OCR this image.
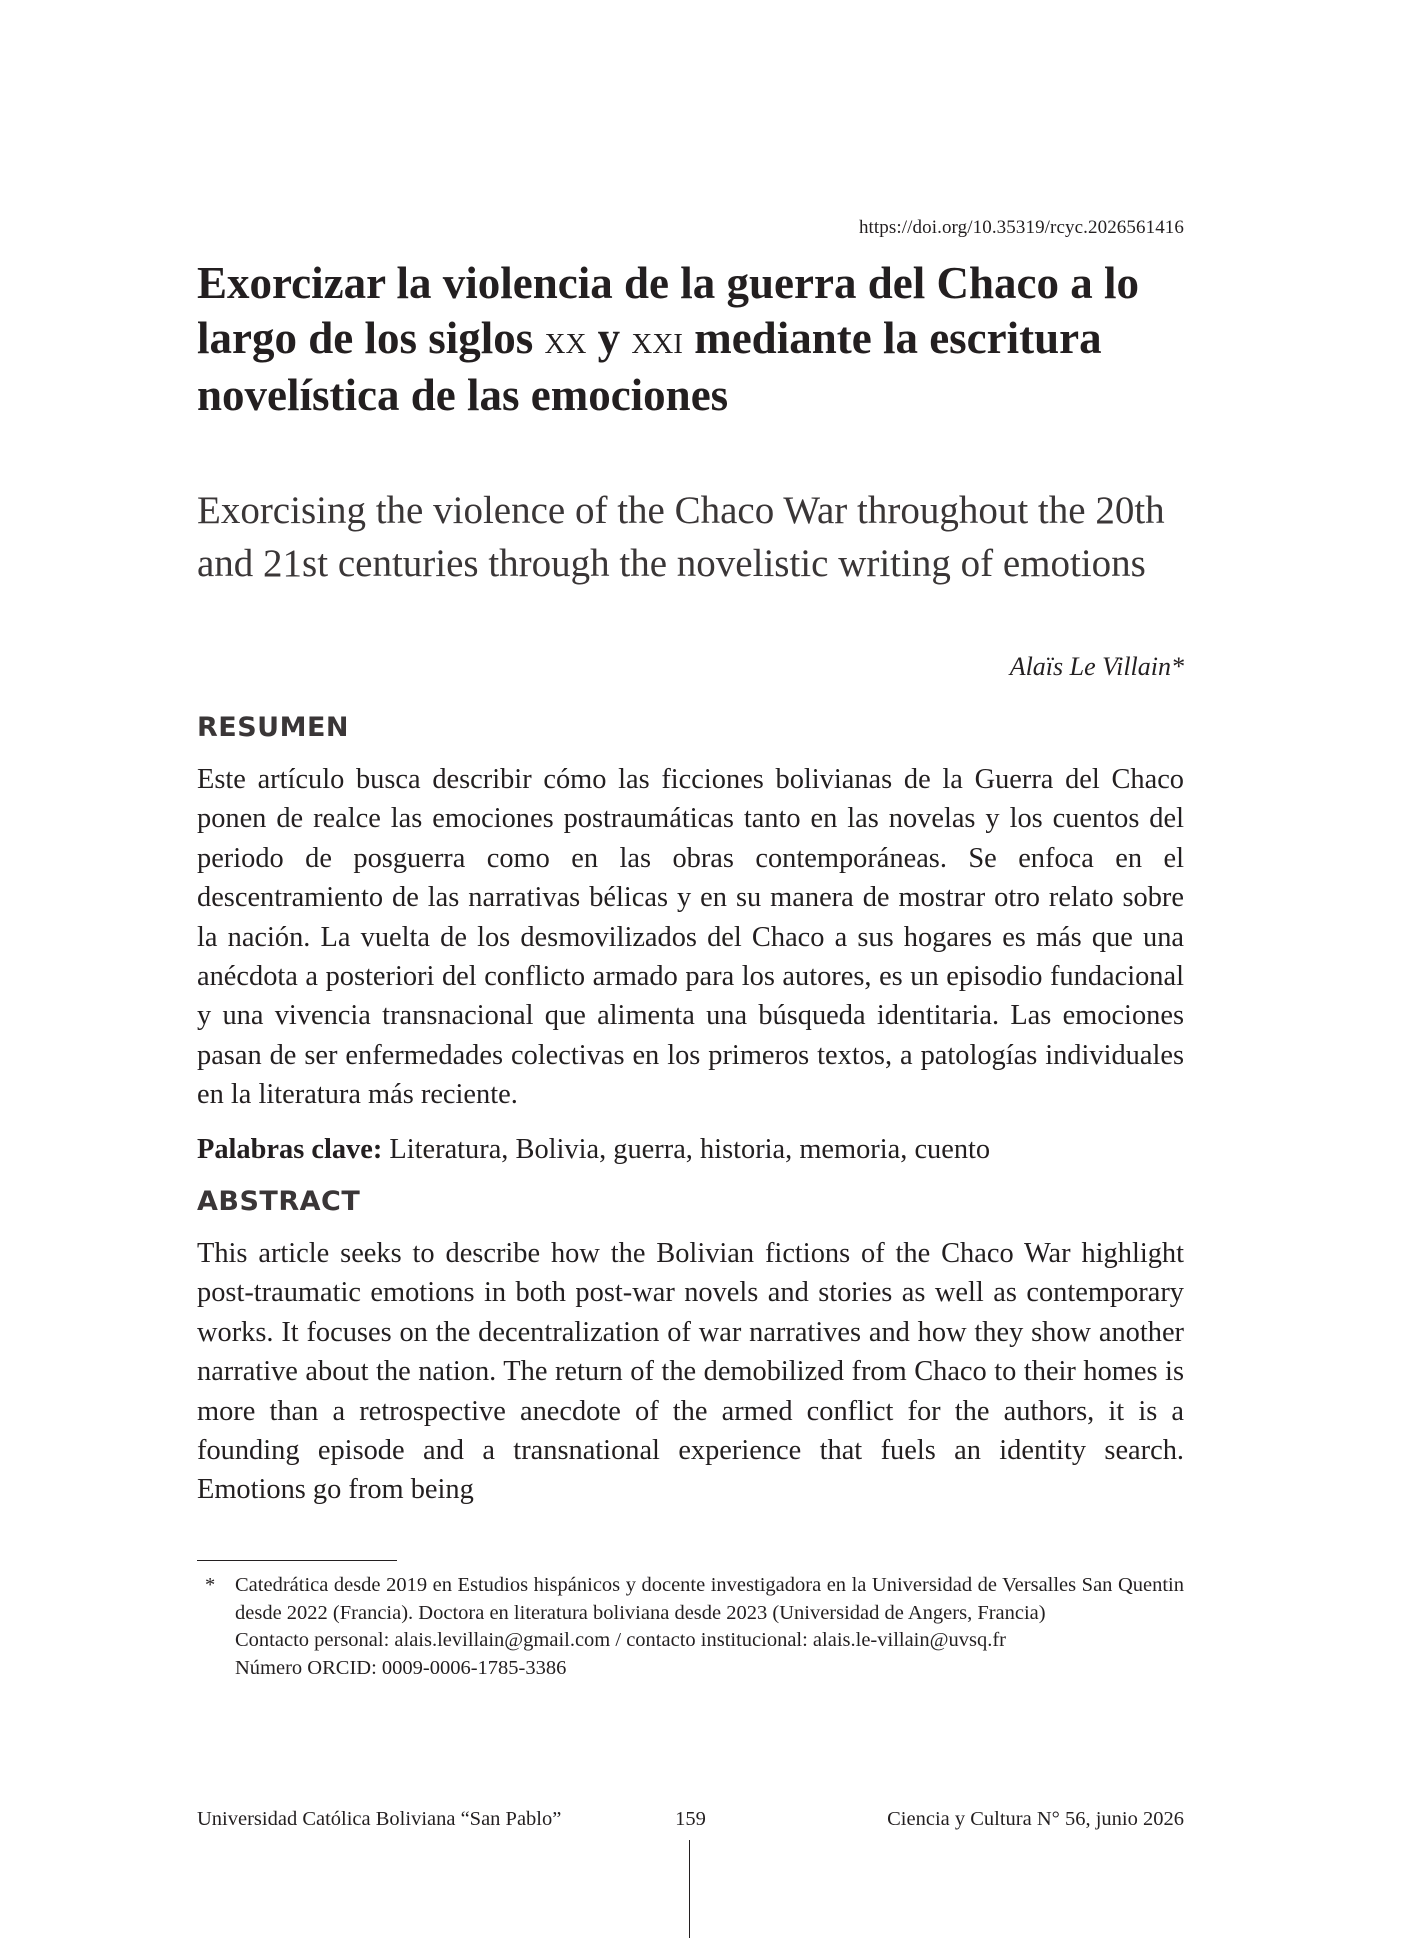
https://doi.org/10.35319/rcyc.2026561416
Exorcizar la violencia de la guerra del Chaco a lo largo de los siglos xx y xxi mediante la escritura novelística de las emociones
Exorcising the violence of the Chaco War throughout the 20th and 21st centuries through the novelistic writing of emotions
Alaïs Le Villain*
RESUMEN

Este artículo busca describir cómo las ficciones bolivianas de la Guerra del Chaco ponen de realce las emociones postraumáticas tanto en las novelas y los cuentos del periodo de posguerra como en las obras contemporáneas. Se enfoca en el descentramiento de las narrativas bélicas y en su manera de mostrar otro relato sobre la nación. La vuelta de los desmovilizados del Chaco a sus hogares es más que una anécdota a posteriori del conflicto armado para los autores, es un episodio fundacional y una vivencia transnacional que alimenta una búsqueda identitaria. Las emociones pasan de ser enfermedades colectivas en los primeros textos, a patologías individuales en la literatura más reciente.

Palabras clave: Literatura, Bolivia, guerra, historia, memoria, cuento

ABSTRACT

This article seeks to describe how the Bolivian fictions of the Chaco War highlight post-traumatic emotions in both post-war novels and stories as well as contemporary works. It focuses on the decentralization of war narratives and how they show another narrative about the nation. The return of the demobilized from Chaco to their homes is more than a retrospective anecdote of the armed conflict for the authors, it is a founding episode and a transnational experience that fuels an identity search. Emotions go from being

* Catedrática desde 2019 en Estudios hispánicos y docente investigadora en la Universidad de Versalles San Quentin desde 2022 (Francia). Doctora en literatura boliviana desde 2023 (Universidad de Angers, Francia)

Contacto personal: alais.levillain@gmail.com / contacto institucional: alais.le-villain@uvsq.fr

Número ORCID: 0009-0006-1785-3386

Universidad Católica Boliviana “San Pablo”	159	Ciencia y Cultura N° 56, junio 2026
